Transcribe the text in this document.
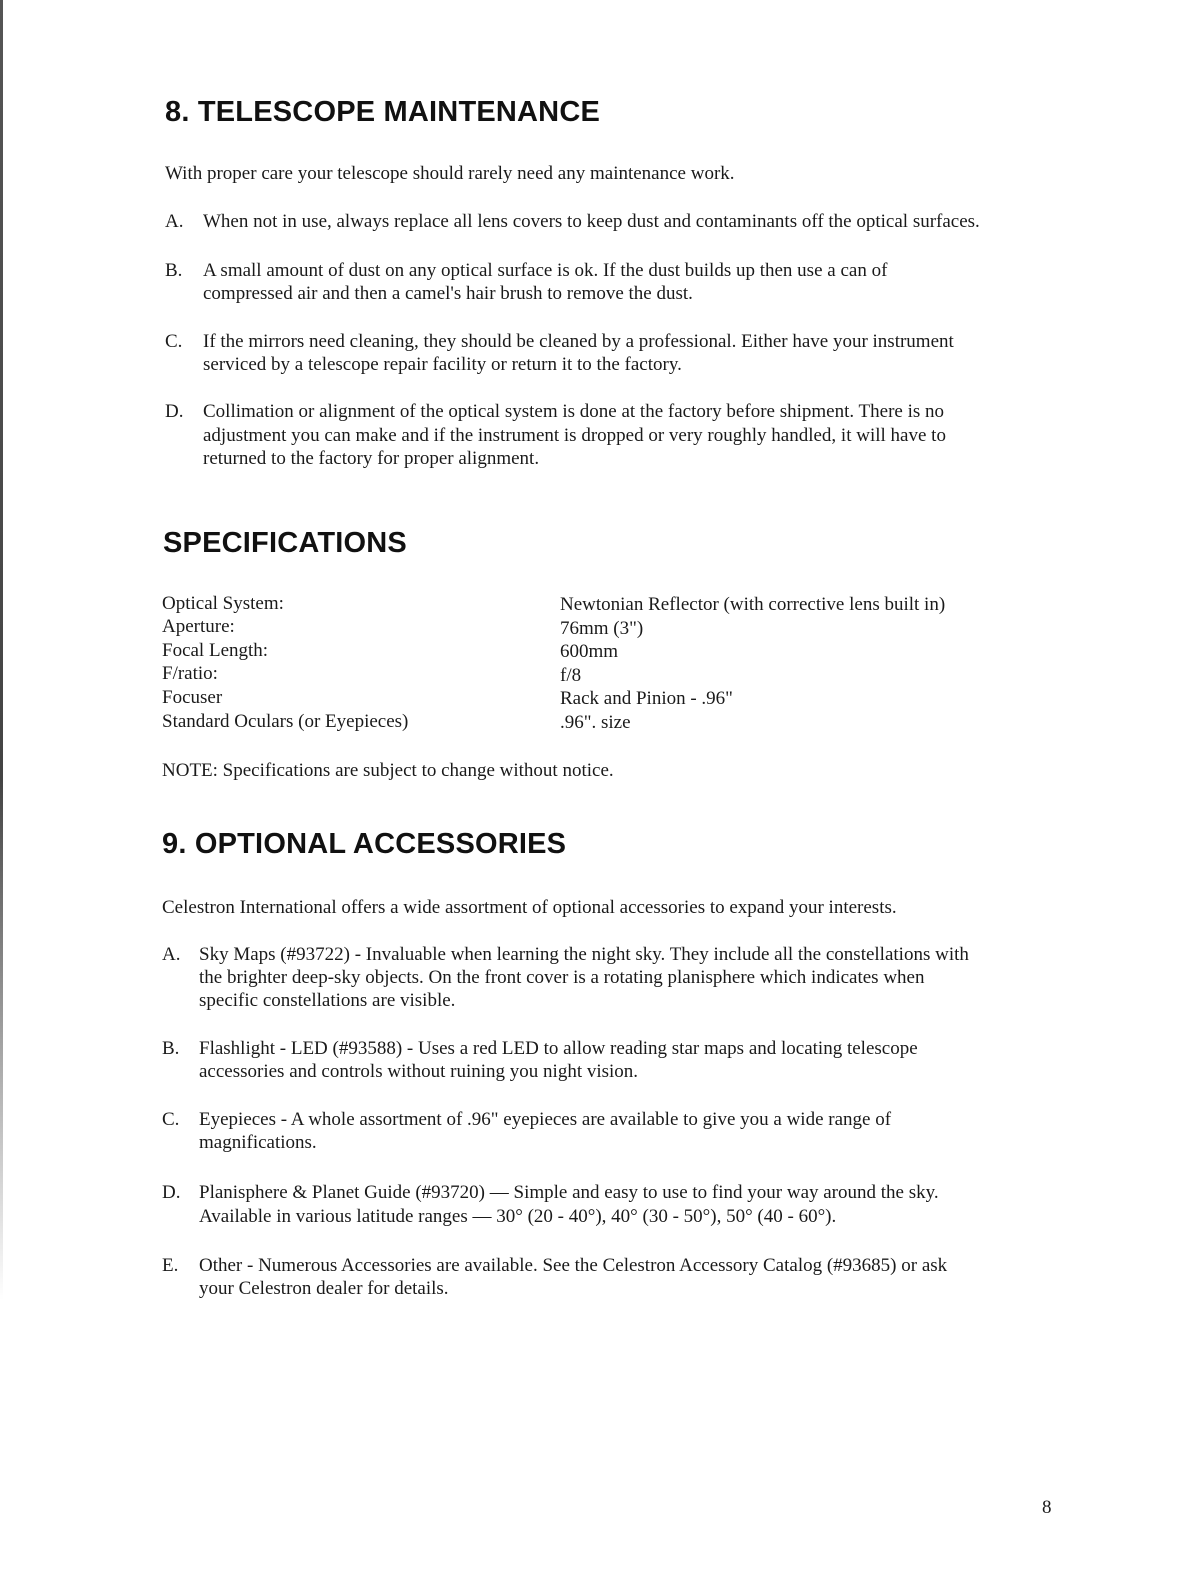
8. TELESCOPE MAINTENANCE

With proper care your telescope should rarely need any maintenance work.

A. When not in use, always replace all lens covers to keep dust and contaminants off the optical surfaces.
B. A small amount of dust on any optical surface is ok. If the dust builds up then use a can of
compressed air and then a camel's hair brush to remove the dust.
C. If the mirrors need cleaning, they should be cleaned by a professional. Either have your instrument
serviced by a telescope repair facility or return it to the factory.
D. Collimation or alignment of the optical system is done at the factory before shipment. There is no
adjustment you can make and if the instrument is dropped or very roughly handled, it will have to
returned to the factory for proper alignment.
SPECIFICATIONS
Optical System:	Newtonian Reflector (with corrective lens built in)
Aperture:	76mm (3")
Focal Length:	600mm
F/ratio:	f/8
Focuser	Rack and Pinion - .96"
Standard Oculars (or Eyepieces)	.96". size

NOTE: Specifications are subject to change without notice.

9. OPTIONAL ACCESSORIES

Celestron International offers a wide assortment of optional accessories to expand your interests.

A. Sky Maps (#93722) - Invaluable when learning the night sky. They include all the constellations with
the brighter deep-sky objects. On the front cover is a rotating planisphere which indicates when
specific constellations are visible.
B. Flashlight - LED (#93588) - Uses a red LED to allow reading star maps and locating telescope
accessories and controls without ruining you night vision.
C. Eyepieces - A whole assortment of .96" eyepieces are available to give you a wide range of
magnifications.
D. Planisphere & Planet Guide (#93720) — Simple and easy to use to find your way around the sky.
Available in various latitude ranges — 30° (20 - 40°), 40° (30 - 50°), 50° (40 - 60°).
E. Other - Numerous Accessories are available. See the Celestron Accessory Catalog (#93685) or ask
your Celestron dealer for details.
8
